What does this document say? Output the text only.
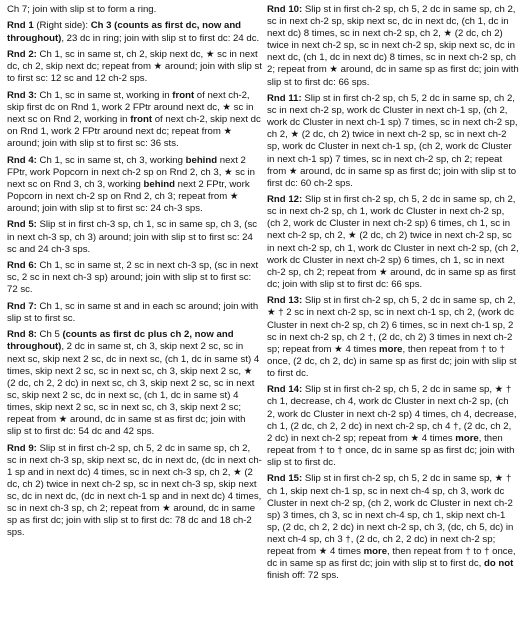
Ch 7; join with slip st to form a ring.

Rnd 1 (Right side): Ch 3 (counts as first dc, now and throughout), 23 dc in ring; join with slip st to first dc: 24 dc.

Rnd 2: Ch 1, sc in same st, ch 2, skip next dc, ★ sc in next dc, ch 2, skip next dc; repeat from ★ around; join with slip st to first sc: 12 sc and 12 ch-2 sps.

Rnd 3: Ch 1, sc in same st, working in front of next ch-2, skip first dc on Rnd 1, work 2 FPtr around next dc, ★ sc in next sc on Rnd 2, working in front of next ch-2, skip next dc on Rnd 1, work 2 FPtr around next dc; repeat from ★ around; join with slip st to first sc: 36 sts.

Rnd 4: Ch 1, sc in same st, ch 3, working behind next 2 FPtr, work Popcorn in next ch-2 sp on Rnd 2, ch 3, ★ sc in next sc on Rnd 3, ch 3, working behind next 2 FPtr, work Popcorn in next ch-2 sp on Rnd 2, ch 3; repeat from ★ around; join with slip st to first sc: 24 ch-3 sps.

Rnd 5: Slip st in first ch-3 sp, ch 1, sc in same sp, ch 3, (sc in next ch-3 sp, ch 3) around; join with slip st to first sc: 24 sc and 24 ch-3 sps.

Rnd 6: Ch 1, sc in same st, 2 sc in next ch-3 sp, (sc in next sc, 2 sc in next ch-3 sp) around; join with slip st to first sc: 72 sc.

Rnd 7: Ch 1, sc in same st and in each sc around; join with slip st to first sc.

Rnd 8: Ch 5 (counts as first dc plus ch 2, now and throughout), 2 dc in same st, ch 3, skip next 2 sc, sc in next sc, skip next 2 sc, dc in next sc, (ch 1, dc in same st) 4 times, skip next 2 sc, sc in next sc, ch 3, skip next 2 sc, ★ (2 dc, ch 2, 2 dc) in next sc, ch 3, skip next 2 sc, sc in next sc, skip next 2 sc, dc in next sc, (ch 1, dc in same st) 4 times, skip next 2 sc, sc in next sc, ch 3, skip next 2 sc; repeat from ★ around, dc in same st as first dc; join with slip st to first dc: 54 dc and 42 sps.

Rnd 9: Slip st in first ch-2 sp, ch 5, 2 dc in same sp, ch 2, sc in next ch-3 sp, skip next sc, dc in next dc, (dc in next ch-1 sp and in next dc) 4 times, sc in next ch-3 sp, ch 2, ★ (2 dc, ch 2) twice in next ch-2 sp, sc in next ch-3 sp, skip next sc, dc in next dc, (dc in next ch-1 sp and in next dc) 4 times, sc in next ch-3 sp, ch 2; repeat from ★ around, dc in same sp as first dc; join with slip st to first dc: 78 dc and 18 ch-2 sps.

Rnd 10: Slip st in first ch-2 sp, ch 5, 2 dc in same sp, ch 2, sc in next ch-2 sp, skip next sc, dc in next dc, (ch 1, dc in next dc) 8 times, sc in next ch-2 sp, ch 2, ★ (2 dc, ch 2) twice in next ch-2 sp, sc in next ch-2 sp, skip next sc, dc in next dc, (ch 1, dc in next dc) 8 times, sc in next ch-2 sp, ch 2; repeat from ★ around, dc in same sp as first dc; join with slip st to first dc: 66 sps.

Rnd 11: Slip st in first ch-2 sp, ch 5, 2 dc in same sp, ch 2, sc in next ch-2 sp, work dc Cluster in next ch-1 sp, (ch 2, work dc Cluster in next ch-1 sp) 7 times, sc in next ch-2 sp, ch 2, ★ (2 dc, ch 2) twice in next ch-2 sp, sc in next ch-2 sp, work dc Cluster in next ch-1 sp, (ch 2, work dc Cluster in next ch-1 sp) 7 times, sc in next ch-2 sp, ch 2; repeat from ★ around, dc in same sp as first dc; join with slip st to first dc: 60 ch-2 sps.

Rnd 12: Slip st in first ch-2 sp, ch 5, 2 dc in same sp, ch 2, sc in next ch-2 sp, ch 1, work dc Cluster in next ch-2 sp, (ch 2, work dc Cluster in next ch-2 sp) 6 times, ch 1, sc in next ch-2 sp, ch 2, ★ (2 dc, ch 2) twice in next ch-2 sp, sc in next ch-2 sp, ch 1, work dc Cluster in next ch-2 sp, (ch 2, work dc Cluster in next ch-2 sp) 6 times, ch 1, sc in next ch-2 sp, ch 2; repeat from ★ around, dc in same sp as first dc; join with slip st to first dc: 66 sps.

Rnd 13: Slip st in first ch-2 sp, ch 5, 2 dc in same sp, ch 2, ★ † 2 sc in next ch-2 sp, sc in next ch-1 sp, ch 2, (work dc Cluster in next ch-2 sp, ch 2) 6 times, sc in next ch-1 sp, 2 sc in next ch-2 sp, ch 2 †, (2 dc, ch 2) 3 times in next ch-2 sp; repeat from ★ 4 times more, then repeat from † to † once, (2 dc, ch 2, dc) in same sp as first dc; join with slip st to first dc.

Rnd 14: Slip st in first ch-2 sp, ch 5, 2 dc in same sp, ★ † ch 1, decrease, ch 4, work dc Cluster in next ch-2 sp, (ch 2, work dc Cluster in next ch-2 sp) 4 times, ch 4, decrease, ch 1, (2 dc, ch 2, 2 dc) in next ch-2 sp, ch 4 †, (2 dc, ch 2, 2 dc) in next ch-2 sp; repeat from ★ 4 times more, then repeat from † to † once, dc in same sp as first dc; join with slip st to first dc.

Rnd 15: Slip st in first ch-2 sp, ch 5, 2 dc in same sp, ★ † ch 1, skip next ch-1 sp, sc in next ch-4 sp, ch 3, work dc Cluster in next ch-2 sp, (ch 2, work dc Cluster in next ch-2 sp) 3 times, ch 3, sc in next ch-4 sp, ch 1, skip next ch-1 sp, (2 dc, ch 2, 2 dc) in next ch-2 sp, ch 3, (dc, ch 5, dc) in next ch-4 sp, ch 3 †, (2 dc, ch 2, 2 dc) in next ch-2 sp; repeat from ★ 4 times more, then repeat from † to † once, dc in same sp as first dc; join with slip st to first dc, do not finish off: 72 sps.
